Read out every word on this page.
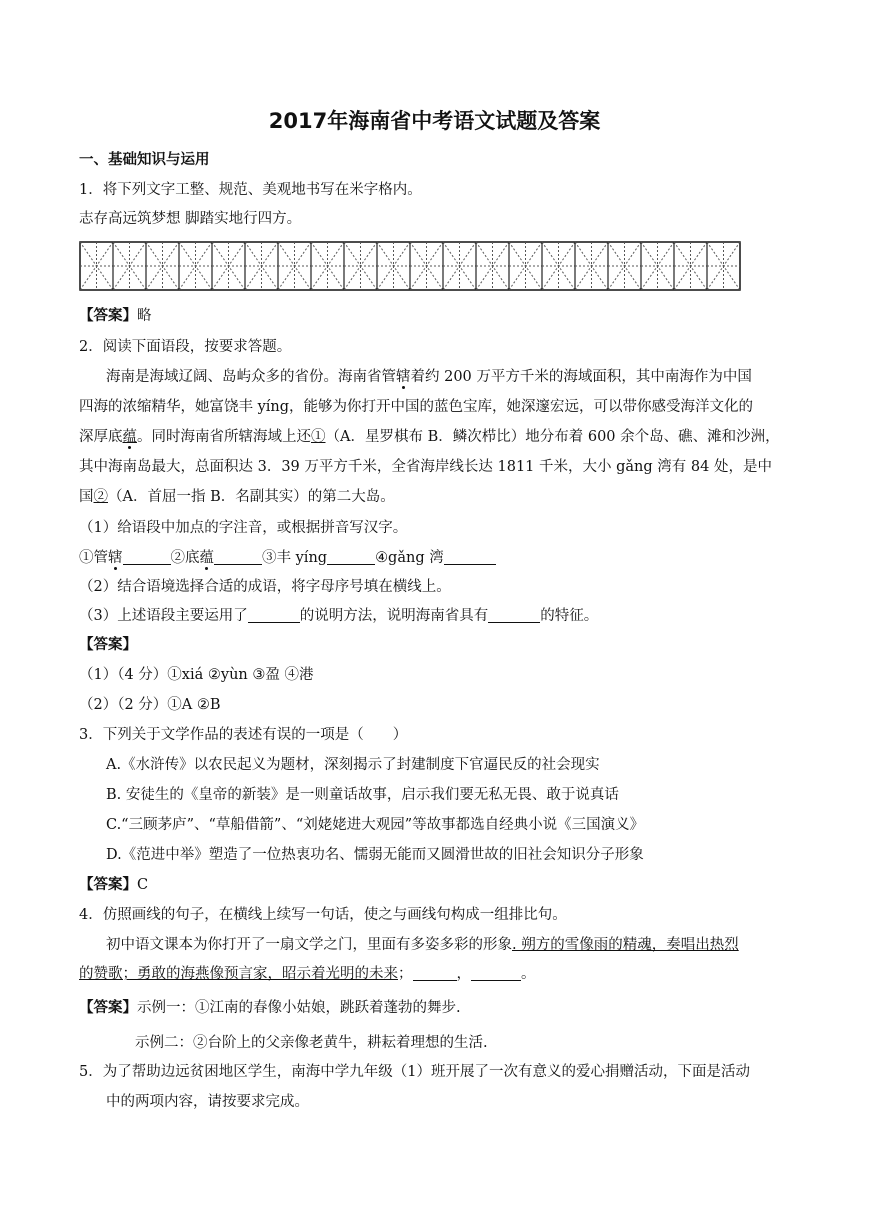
2017年海南省中考语文试题及答案
一、基础知识与运用
1．将下列文字工整、规范、美观地书写在米字格内。
志存高远筑梦想 脚踏实地行四方。
【答案】略
2．阅读下面语段，按要求答题。
海南是海域辽阔、岛屿众多的省份。海南省管辖着约 200 万平方千米的海域面积，其中南海作为中国
四海的浓缩精华，她富饶丰 yíng，能够为你打开中国的蓝色宝库，她深邃宏远，可以带你感受海洋文化的
深厚底蕴。同时海南省所辖海域上还①（A．星罗棋布 B．鳞次栉比）地分布着 600 余个岛、礁、滩和沙洲，
其中海南岛最大，总面积达 3．39 万平方千米，全省海岸线长达 1811 千米，大小 gǎng 湾有 84 处，是中
国②（A．首屈一指 B．名副其实）的第二大岛。
（1）给语段中加点的字注音，或根据拼音写汉字。
①管辖	②底蕴	③丰 yíng	④gǎng 湾
（2）结合语境选择合适的成语，将字母序号填在横线上。
（3）上述语段主要运用了	的说明方法，说明海南省具有	的特征。
【答案】
（1）（4 分）①xiá ②yùn ③盈 ④港
（2）（2 分）①A ②B
3．下列关于文学作品的表述有误的一项是（　　）
A.《水浒传》以农民起义为题材，深刻揭示了封建制度下官逼民反的社会现实
B. 安徒生的《皇帝的新装》是一则童话故事，启示我们要无私无畏、敢于说真话
C.“三顾茅庐”、“草船借箭”、“刘姥姥进大观园”等故事都选自经典小说《三国演义》
D.《范进中举》塑造了一位热衷功名、懦弱无能而又圆滑世故的旧社会知识分子形象
【答案】C
4．仿照画线的句子，在横线上续写一句话，使之与画线句构成一组排比句。
初中语文课本为你打开了一扇文学之门，里面有多姿多彩的形象. 朔方的雪像雨的精魂，奏唱出热烈
的赞歌；勇敢的海燕像预言家，昭示着光明的未来；	，	。
【答案】示例一：①江南的春像小姑娘，跳跃着蓬勃的舞步.
示例二：②台阶上的父亲像老黄牛，耕耘着理想的生活.
5．为了帮助边远贫困地区学生，南海中学九年级（1）班开展了一次有意义的爱心捐赠活动，下面是活动
中的两项内容，请按要求完成。
